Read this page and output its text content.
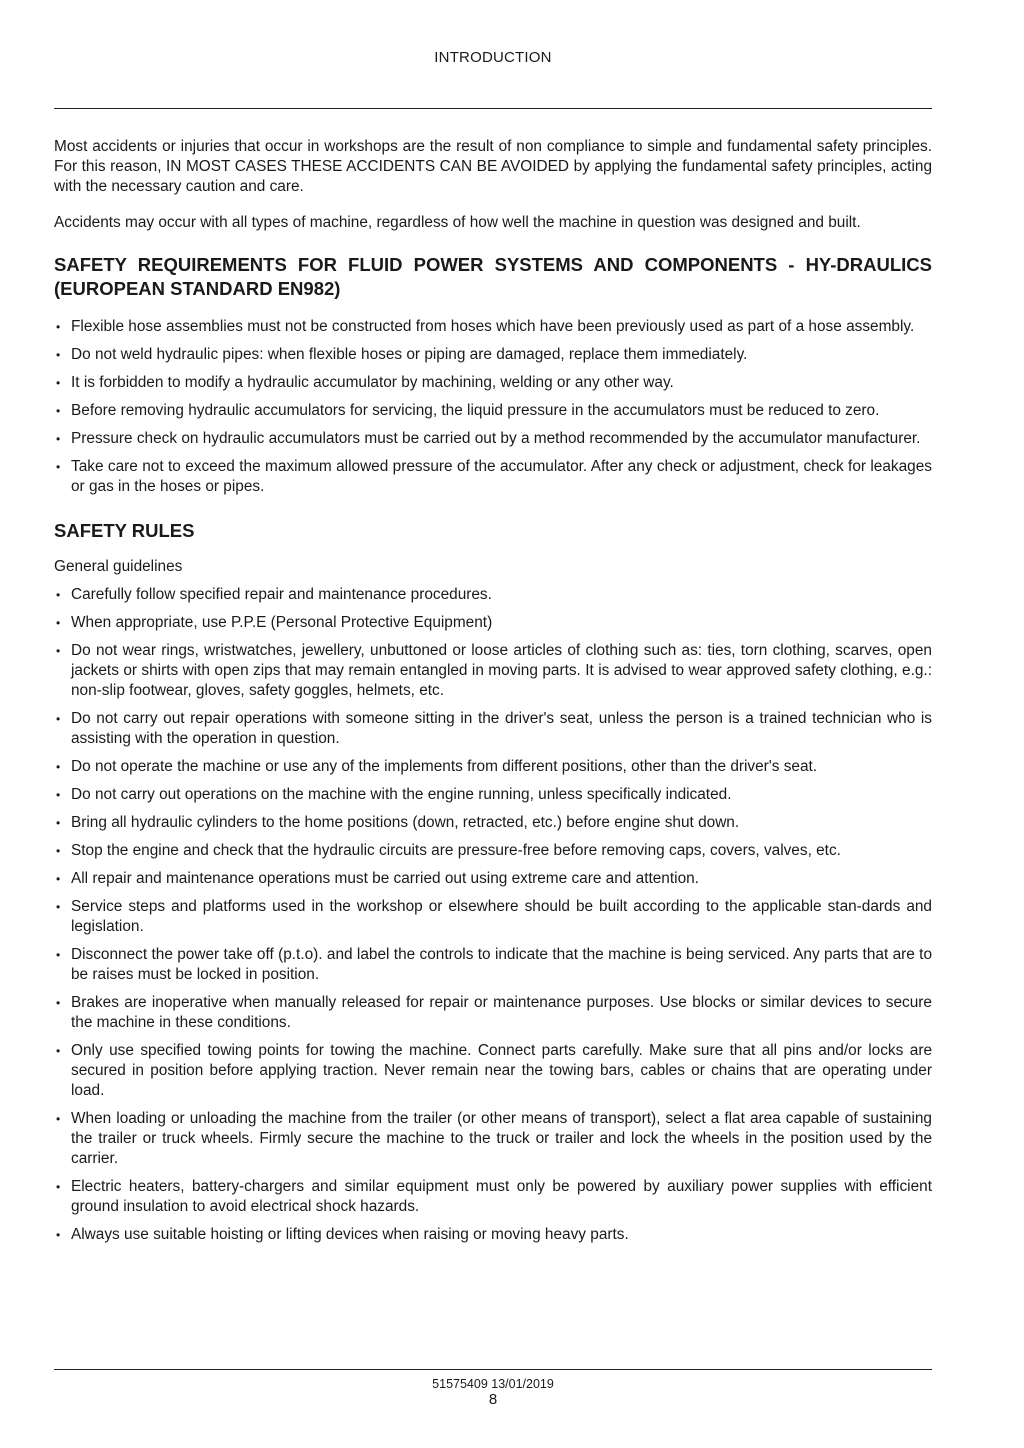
INTRODUCTION

Most accidents or injuries that occur in workshops are the result of non compliance to simple and fundamental safety principles. For this reason, IN MOST CASES THESE ACCIDENTS CAN BE AVOIDED by applying the fundamental safety principles, acting with the necessary caution and care.

Accidents may occur with all types of machine, regardless of how well the machine in question was designed and built.

SAFETY REQUIREMENTS FOR FLUID POWER SYSTEMS AND COMPONENTS - HY-DRAULICS (EUROPEAN STANDARD EN982)
• Flexible hose assemblies must not be constructed from hoses which have been previously used as part of a hose assembly.
• Do not weld hydraulic pipes: when flexible hoses or piping are damaged, replace them immediately.
• It is forbidden to modify a hydraulic accumulator by machining, welding or any other way.
• Before removing hydraulic accumulators for servicing, the liquid pressure in the accumulators must be reduced to zero.
• Pressure check on hydraulic accumulators must be carried out by a method recommended by the accumulator manufacturer.
• Take care not to exceed the maximum allowed pressure of the accumulator. After any check or adjustment, check for leakages or gas in the hoses or pipes.
SAFETY RULES
General guidelines
• Carefully follow specified repair and maintenance procedures.
• When appropriate, use P.P.E (Personal Protective Equipment)
• Do not wear rings, wristwatches, jewellery, unbuttoned or loose articles of clothing such as: ties, torn clothing, scarves, open jackets or shirts with open zips that may remain entangled in moving parts. It is advised to wear approved safety clothing, e.g.: non-slip footwear, gloves, safety goggles, helmets, etc.
• Do not carry out repair operations with someone sitting in the driver's seat, unless the person is a trained technician who is assisting with the operation in question.
• Do not operate the machine or use any of the implements from different positions, other than the driver's seat.
• Do not carry out operations on the machine with the engine running, unless specifically indicated.
• Bring all hydraulic cylinders to the home positions (down, retracted, etc.) before engine shut down.
• Stop the engine and check that the hydraulic circuits are pressure-free before removing caps, covers, valves, etc.
• All repair and maintenance operations must be carried out using extreme care and attention.
• Service steps and platforms used in the workshop or elsewhere should be built according to the applicable stan-dards and legislation.
• Disconnect the power take off (p.t.o). and label the controls to indicate that the machine is being serviced. Any parts that are to be raises must be locked in position.
• Brakes are inoperative when manually released for repair or maintenance purposes. Use blocks or similar devices to secure the machine in these conditions.
• Only use specified towing points for towing the machine. Connect parts carefully. Make sure that all pins and/or locks are secured in position before applying traction. Never remain near the towing bars, cables or chains that are operating under load.
• When loading or unloading the machine from the trailer (or other means of transport), select a flat area capable of sustaining the trailer or truck wheels. Firmly secure the machine to the truck or trailer and lock the wheels in the position used by the carrier.
• Electric heaters, battery-chargers and similar equipment must only be powered by auxiliary power supplies with efficient ground insulation to avoid electrical shock hazards.
• Always use suitable hoisting or lifting devices when raising or moving heavy parts.
51575409 13/01/2019
8
